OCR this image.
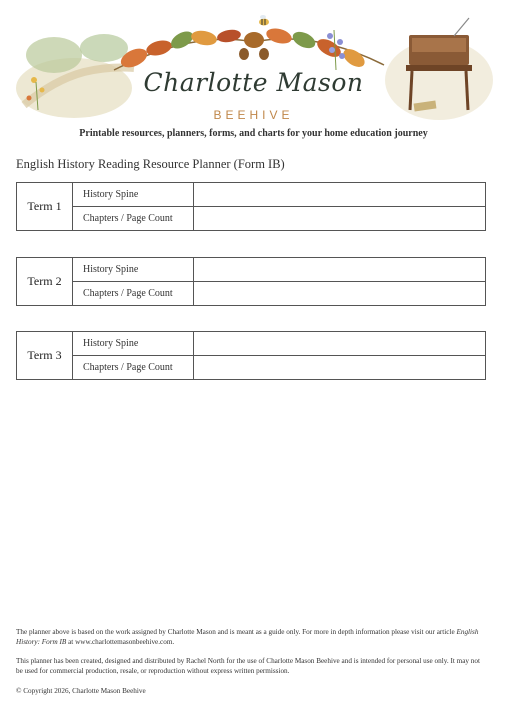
Charlotte Mason
BEEHIVE
Printable resources, planners, forms, and charts for your home education journey
English History Reading Resource Planner (Form IB)
Term 1
History Spine
Chapters / Page Count
Term 2
History Spine
Chapters / Page Count
Term 3
History Spine
Chapters / Page Count
The planner above is based on the work assigned by Charlotte Mason and is meant as a guide only. For more in depth information please visit our article English History: Form IB at www.charlottemasonbeehive.com.
This planner has been created, designed and distributed by Rachel North for the use of Charlotte Mason Beehive and is intended for personal use only. It may not be used for commercial production, resale, or reproduction without express written permission.
© Copyright 2026, Charlotte Mason Beehive
